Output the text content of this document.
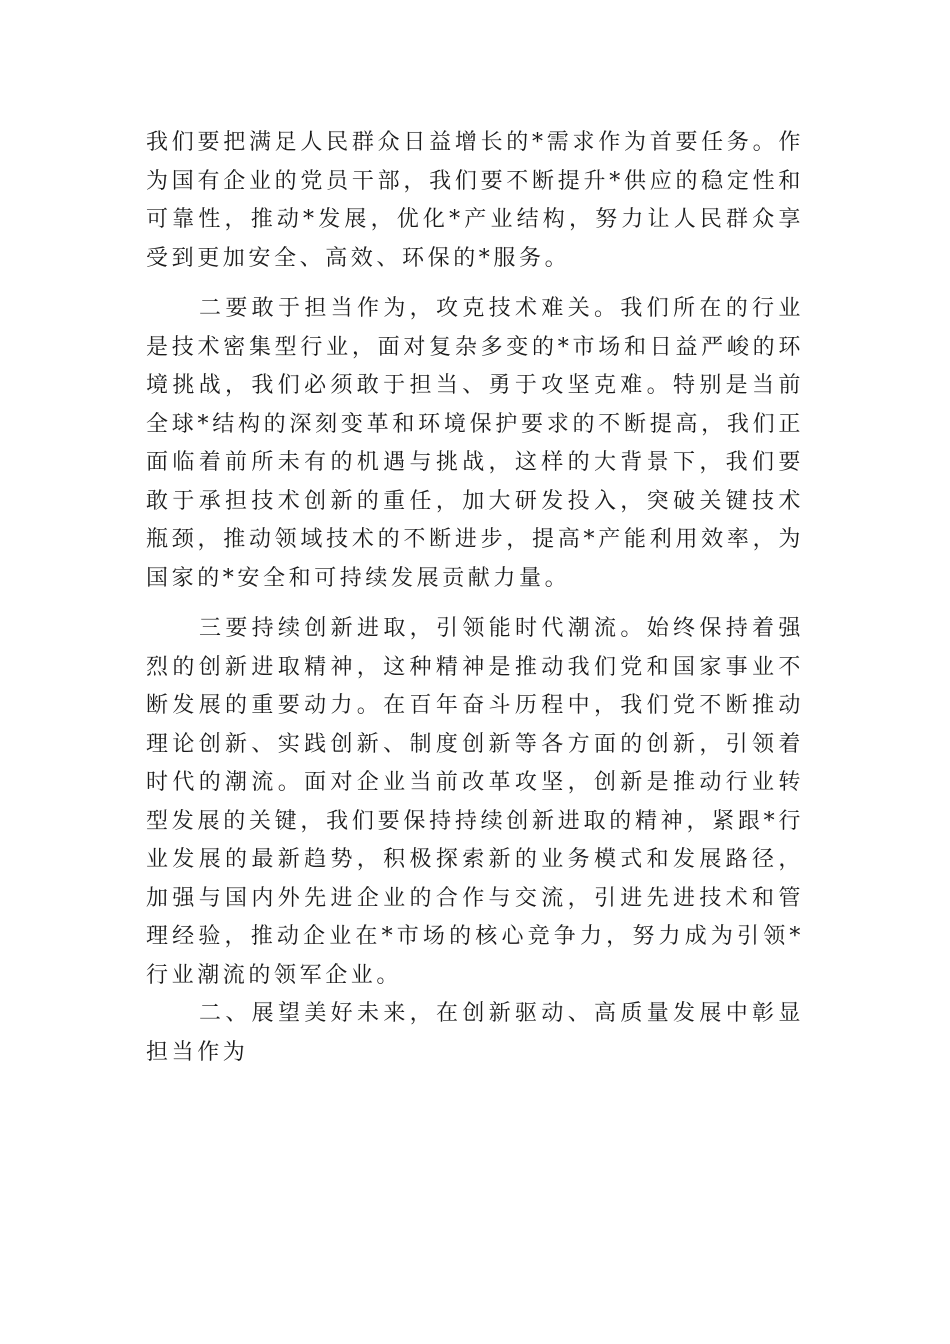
我们要把满足人民群众日益增长的*需求作为首要任务。作为国有企业的党员干部，我们要不断提升*供应的稳定性和可靠性，推动*发展，优化*产业结构，努力让人民群众享受到更加安全、高效、环保的*服务。

二要敢于担当作为，攻克技术难关。我们所在的行业是技术密集型行业，面对复杂多变的*市场和日益严峻的环境挑战，我们必须敢于担当、勇于攻坚克难。特别是当前全球*结构的深刻变革和环境保护要求的不断提高，我们正面临着前所未有的机遇与挑战，这样的大背景下，我们要敢于承担技术创新的重任，加大研发投入，突破关键技术瓶颈，推动领域技术的不断进步，提高*产能利用效率，为国家的*安全和可持续发展贡献力量。

三要持续创新进取，引领能时代潮流。始终保持着强烈的创新进取精神，这种精神是推动我们党和国家事业不断发展的重要动力。在百年奋斗历程中，我们党不断推动理论创新、实践创新、制度创新等各方面的创新，引领着时代的潮流。面对企业当前改革攻坚，创新是推动行业转型发展的关键，我们要保持持续创新进取的精神，紧跟*行业发展的最新趋势，积极探索新的业务模式和发展路径，加强与国内外先进企业的合作与交流，引进先进技术和管理经验，推动企业在*市场的核心竞争力，努力成为引领*行业潮流的领军企业。

二、展望美好未来，在创新驱动、高质量发展中彰显担当作为
